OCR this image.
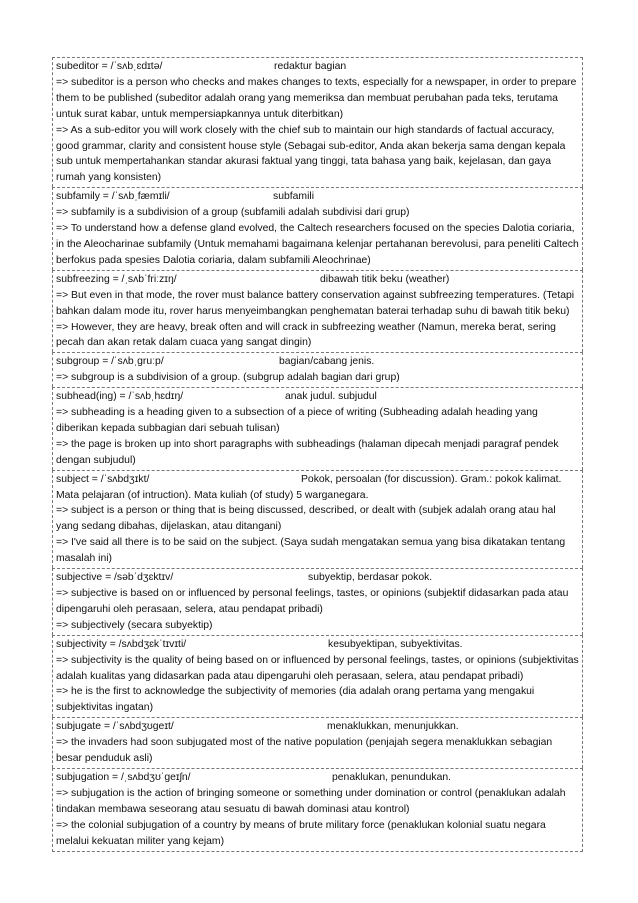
subeditor = /ˈsʌbˌɛdɪtə/	redaktur bagian
=> subeditor is a person who checks and makes changes to texts, especially for a newspaper, in order to prepare them to be published (subeditor adalah orang yang memeriksa dan membuat perubahan pada teks, terutama untuk surat kabar, untuk mempersiapkannya untuk diterbitkan)
=> As a sub-editor you will work closely with the chief sub to maintain our high standards of factual accuracy, good grammar, clarity and consistent house style (Sebagai sub-editor, Anda akan bekerja sama dengan kepala sub untuk mempertahankan standar akurasi faktual yang tinggi, tata bahasa yang baik, kejelasan, dan gaya rumah yang konsisten)
subfamily = /ˈsʌbˌfæmɪli/	subfamili
=> subfamily is a subdivision of a group (subfamili adalah subdivisi dari grup)
=> To understand how a defense gland evolved, the Caltech researchers focused on the species Dalotia coriaria, in the Aleocharinae subfamily (Untuk memahami bagaimana kelenjar pertahanan berevolusi, para peneliti Caltech berfokus pada spesies Dalotia coriaria, dalam subfamili Aleochrinae)
subfreezing = /ˌsʌbˈfriːzɪŋ/	dibawah titik beku (weather)
=> But even in that mode, the rover must balance battery conservation against subfreezing temperatures. (Tetapi bahkan dalam mode itu, rover harus menyeimbangkan penghematan baterai terhadap suhu di bawah titik beku)
=> However, they are heavy, break often and will crack in subfreezing weather (Namun, mereka berat, sering pecah dan akan retak dalam cuaca yang sangat dingin)
subgroup = /ˈsʌbˌɡruːp/	bagian/cabang jenis.
=> subgroup is a subdivision of a group. (subgrup adalah bagian dari grup)
subhead(ing) = /ˈsʌbˌhɛdɪŋ/	anak judul. subjudul
=> subheading is a heading given to a subsection of a piece of writing (Subheading adalah heading yang diberikan kepada subbagian dari sebuah tulisan)
=> the page is broken up into short paragraphs with subheadings (halaman dipecah menjadi paragraf pendek dengan subjudul)
subject = /ˈsʌbdʒɪkt/	Pokok, persoalan (for discussion). Gram.: pokok kalimat.
Mata pelajaran (of intruction). Mata kuliah (of study) 5 warganegara.
=> subject is a person or thing that is being discussed, described, or dealt with (subjek adalah orang atau hal yang sedang dibahas, dijelaskan, atau ditangani)
=> I've said all there is to be said on the subject. (Saya sudah mengatakan semua yang bisa dikatakan tentang masalah ini)
subjective = /səbˈdʒɛktɪv/	subyektip, berdasar pokok.
=> subjective is based on or influenced by personal feelings, tastes, or opinions (subjektif didasarkan pada atau dipengaruhi oleh perasaan, selera, atau pendapat pribadi)
=> subjectively (secara subyektip)
subjectivity = /sʌbdʒɛkˈtɪvɪti/	kesubyektipan, subyektivitas.
=> subjectivity is the quality of being based on or influenced by personal feelings, tastes, or opinions (subjektivitas adalah kualitas yang didasarkan pada atau dipengaruhi oleh perasaan, selera, atau pendapat pribadi)
=> he is the first to acknowledge the subjectivity of memories (dia adalah orang pertama yang mengakui subjektivitas ingatan)
subjugate = /ˈsʌbdʒʊɡeɪt/	menaklukkan, menunjukkan.
=> the invaders had soon subjugated most of the native population (penjajah segera menaklukkan sebagian besar penduduk asli)
subjugation = /ˌsʌbdʒʊˈɡeɪʃn/	penaklukan, penundukan.
=> subjugation is the action of bringing someone or something under domination or control (penaklukan adalah tindakan membawa seseorang atau sesuatu di bawah dominasi atau kontrol)
=> the colonial subjugation of a country by means of brute military force (penaklukan kolonial suatu negara melalui kekuatan militer yang kejam)
